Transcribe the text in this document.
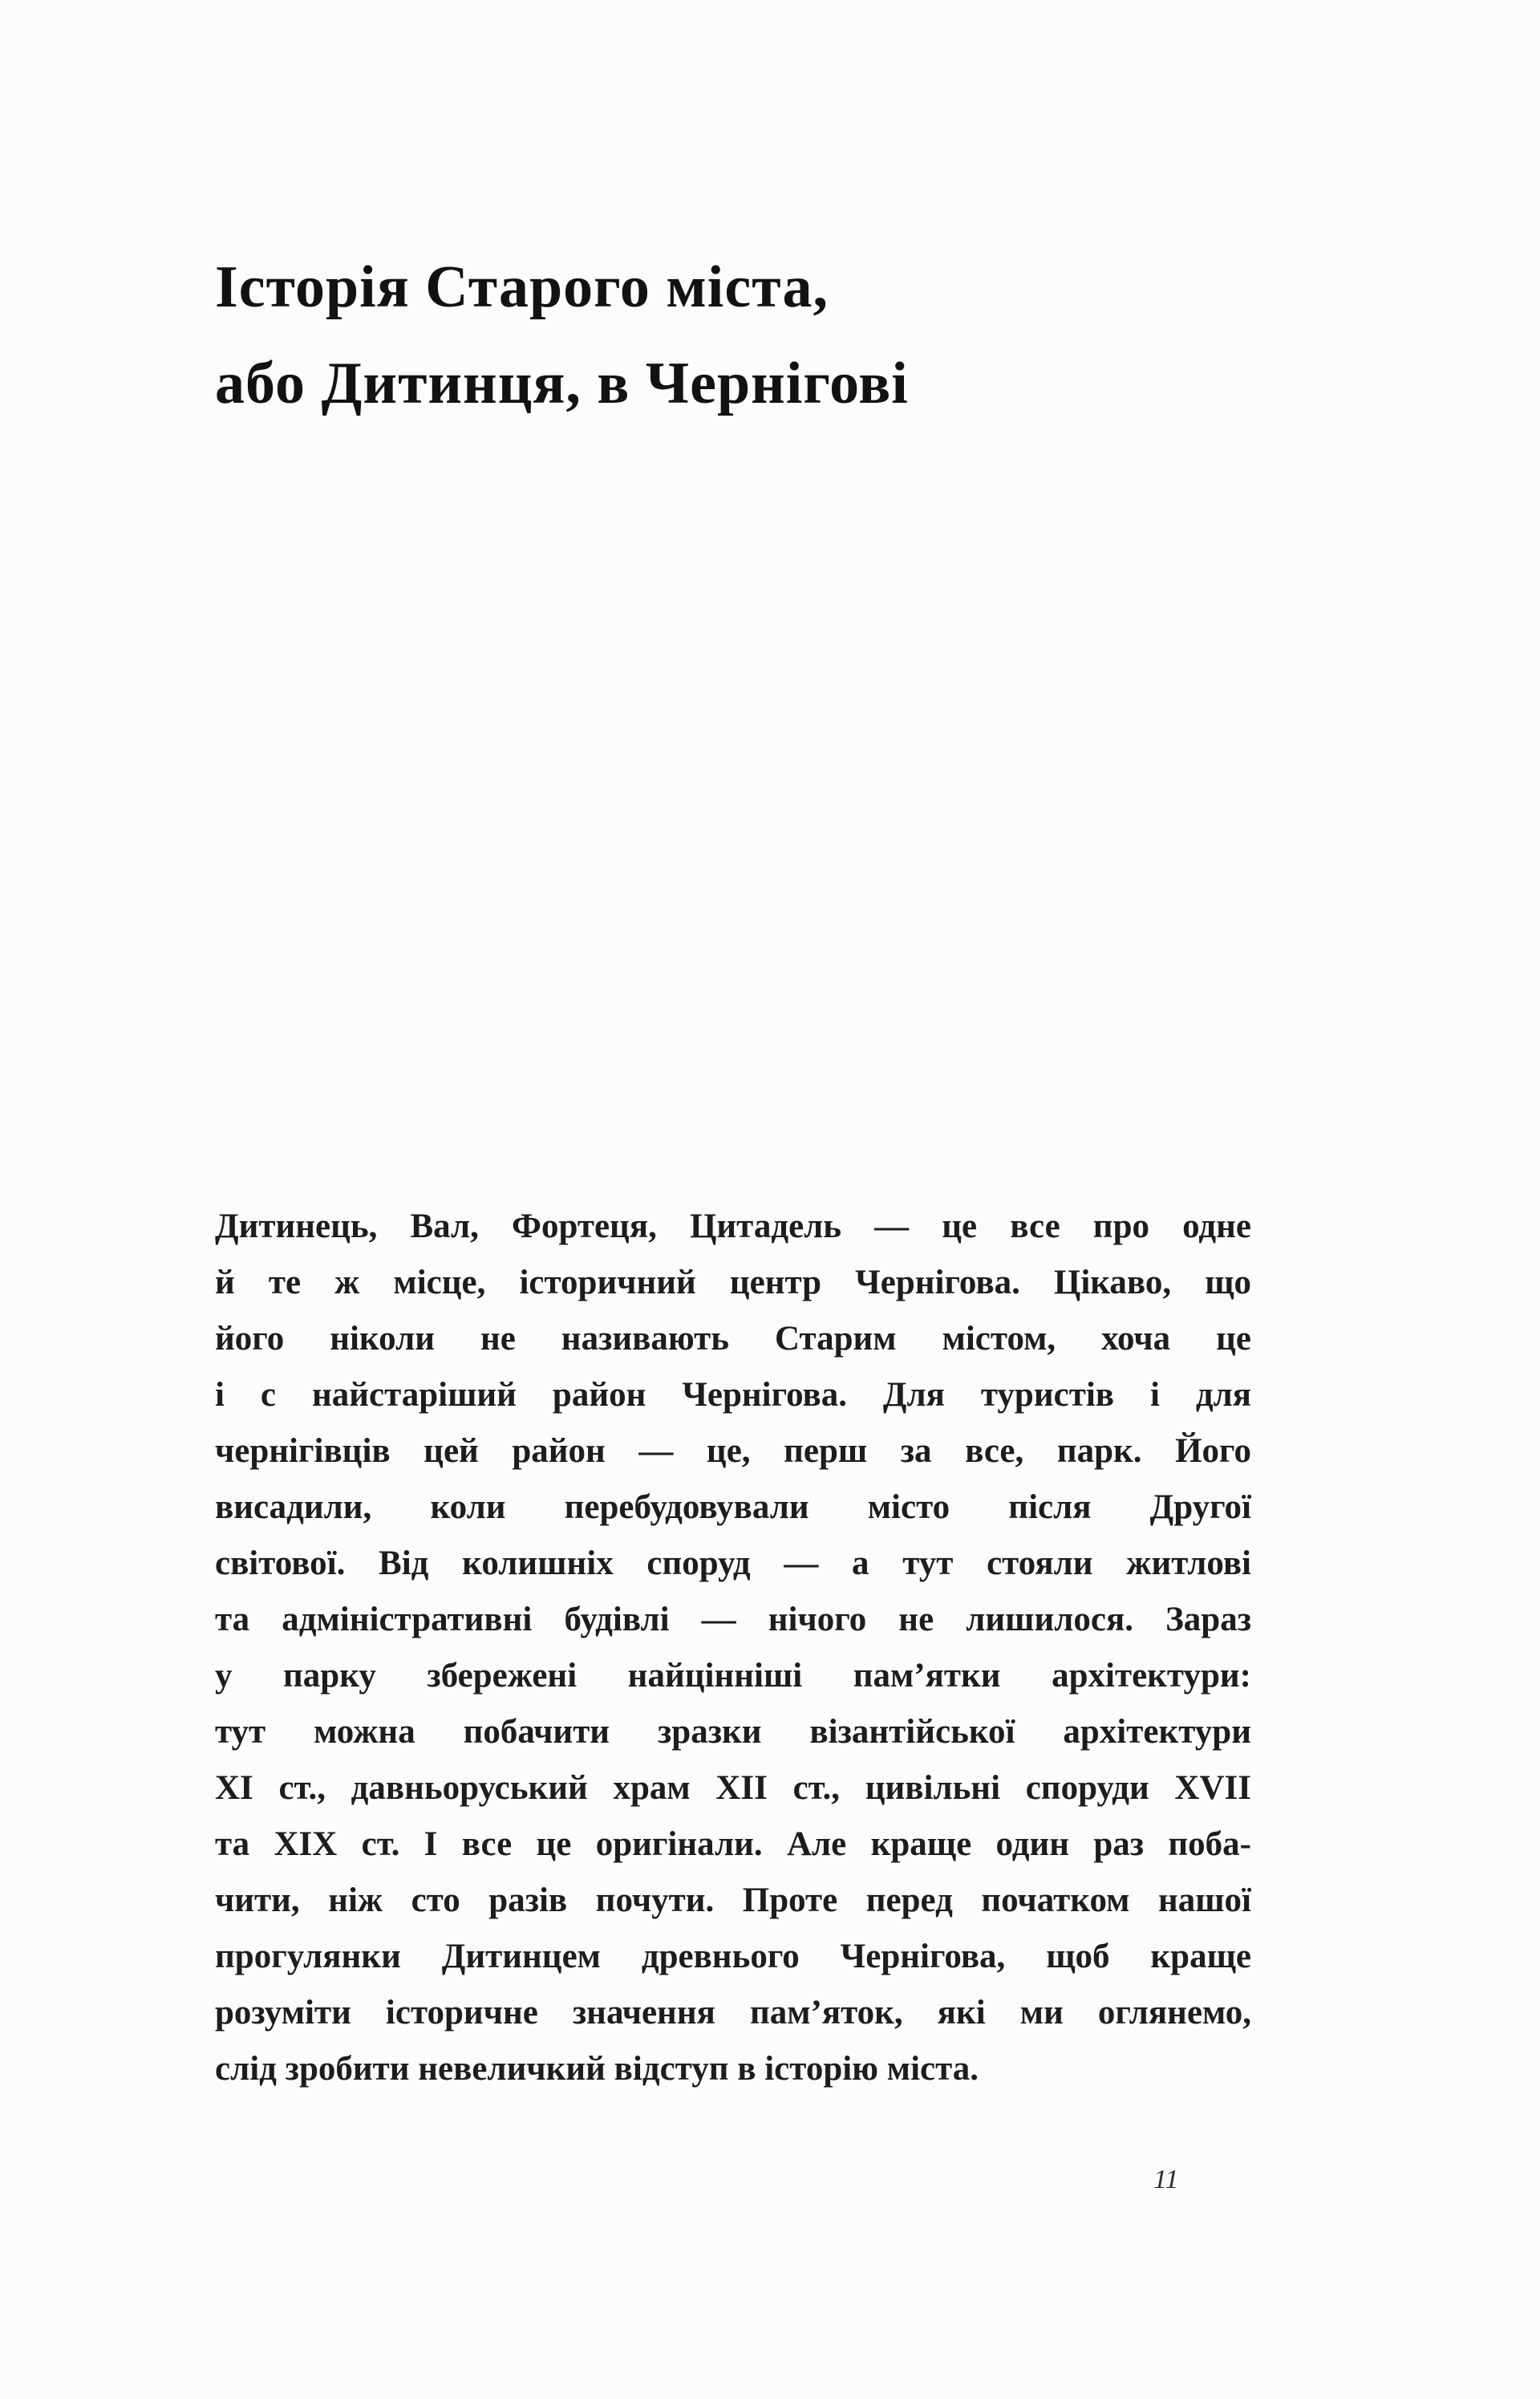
Історія Старого міста,
або Дитинця, в Чернігові
Дитинець, Вал, Фортеця, Цитадель — це все про одне
й те ж місце, історичний центр Чернігова. Цікаво, що
його ніколи не називають Старим містом, хоча це
і с найстаріший район Чернігова. Для туристів і для
чернігівців цей район — це, перш за все, парк. Його
висадили, коли перебудовували місто після Другої
світової. Від колишніх споруд — а тут стояли житлові
та адміністративні будівлі — нічого не лишилося. Зараз
у парку збережені найцінніші пам’ятки архітектури:
тут можна побачити зразки візантійської архітектури
XI ст., давньоруський храм XII ст., цивільні споруди XVII
та XIX ст. І все це оригінали. Але краще один раз поба-
чити, ніж сто разів почути. Проте перед початком нашої
прогулянки Дитинцем древнього Чернігова, щоб краще
розуміти історичне значення пам’яток, які ми оглянемо,
слід зробити невеличкий відступ в історію міста.
11
